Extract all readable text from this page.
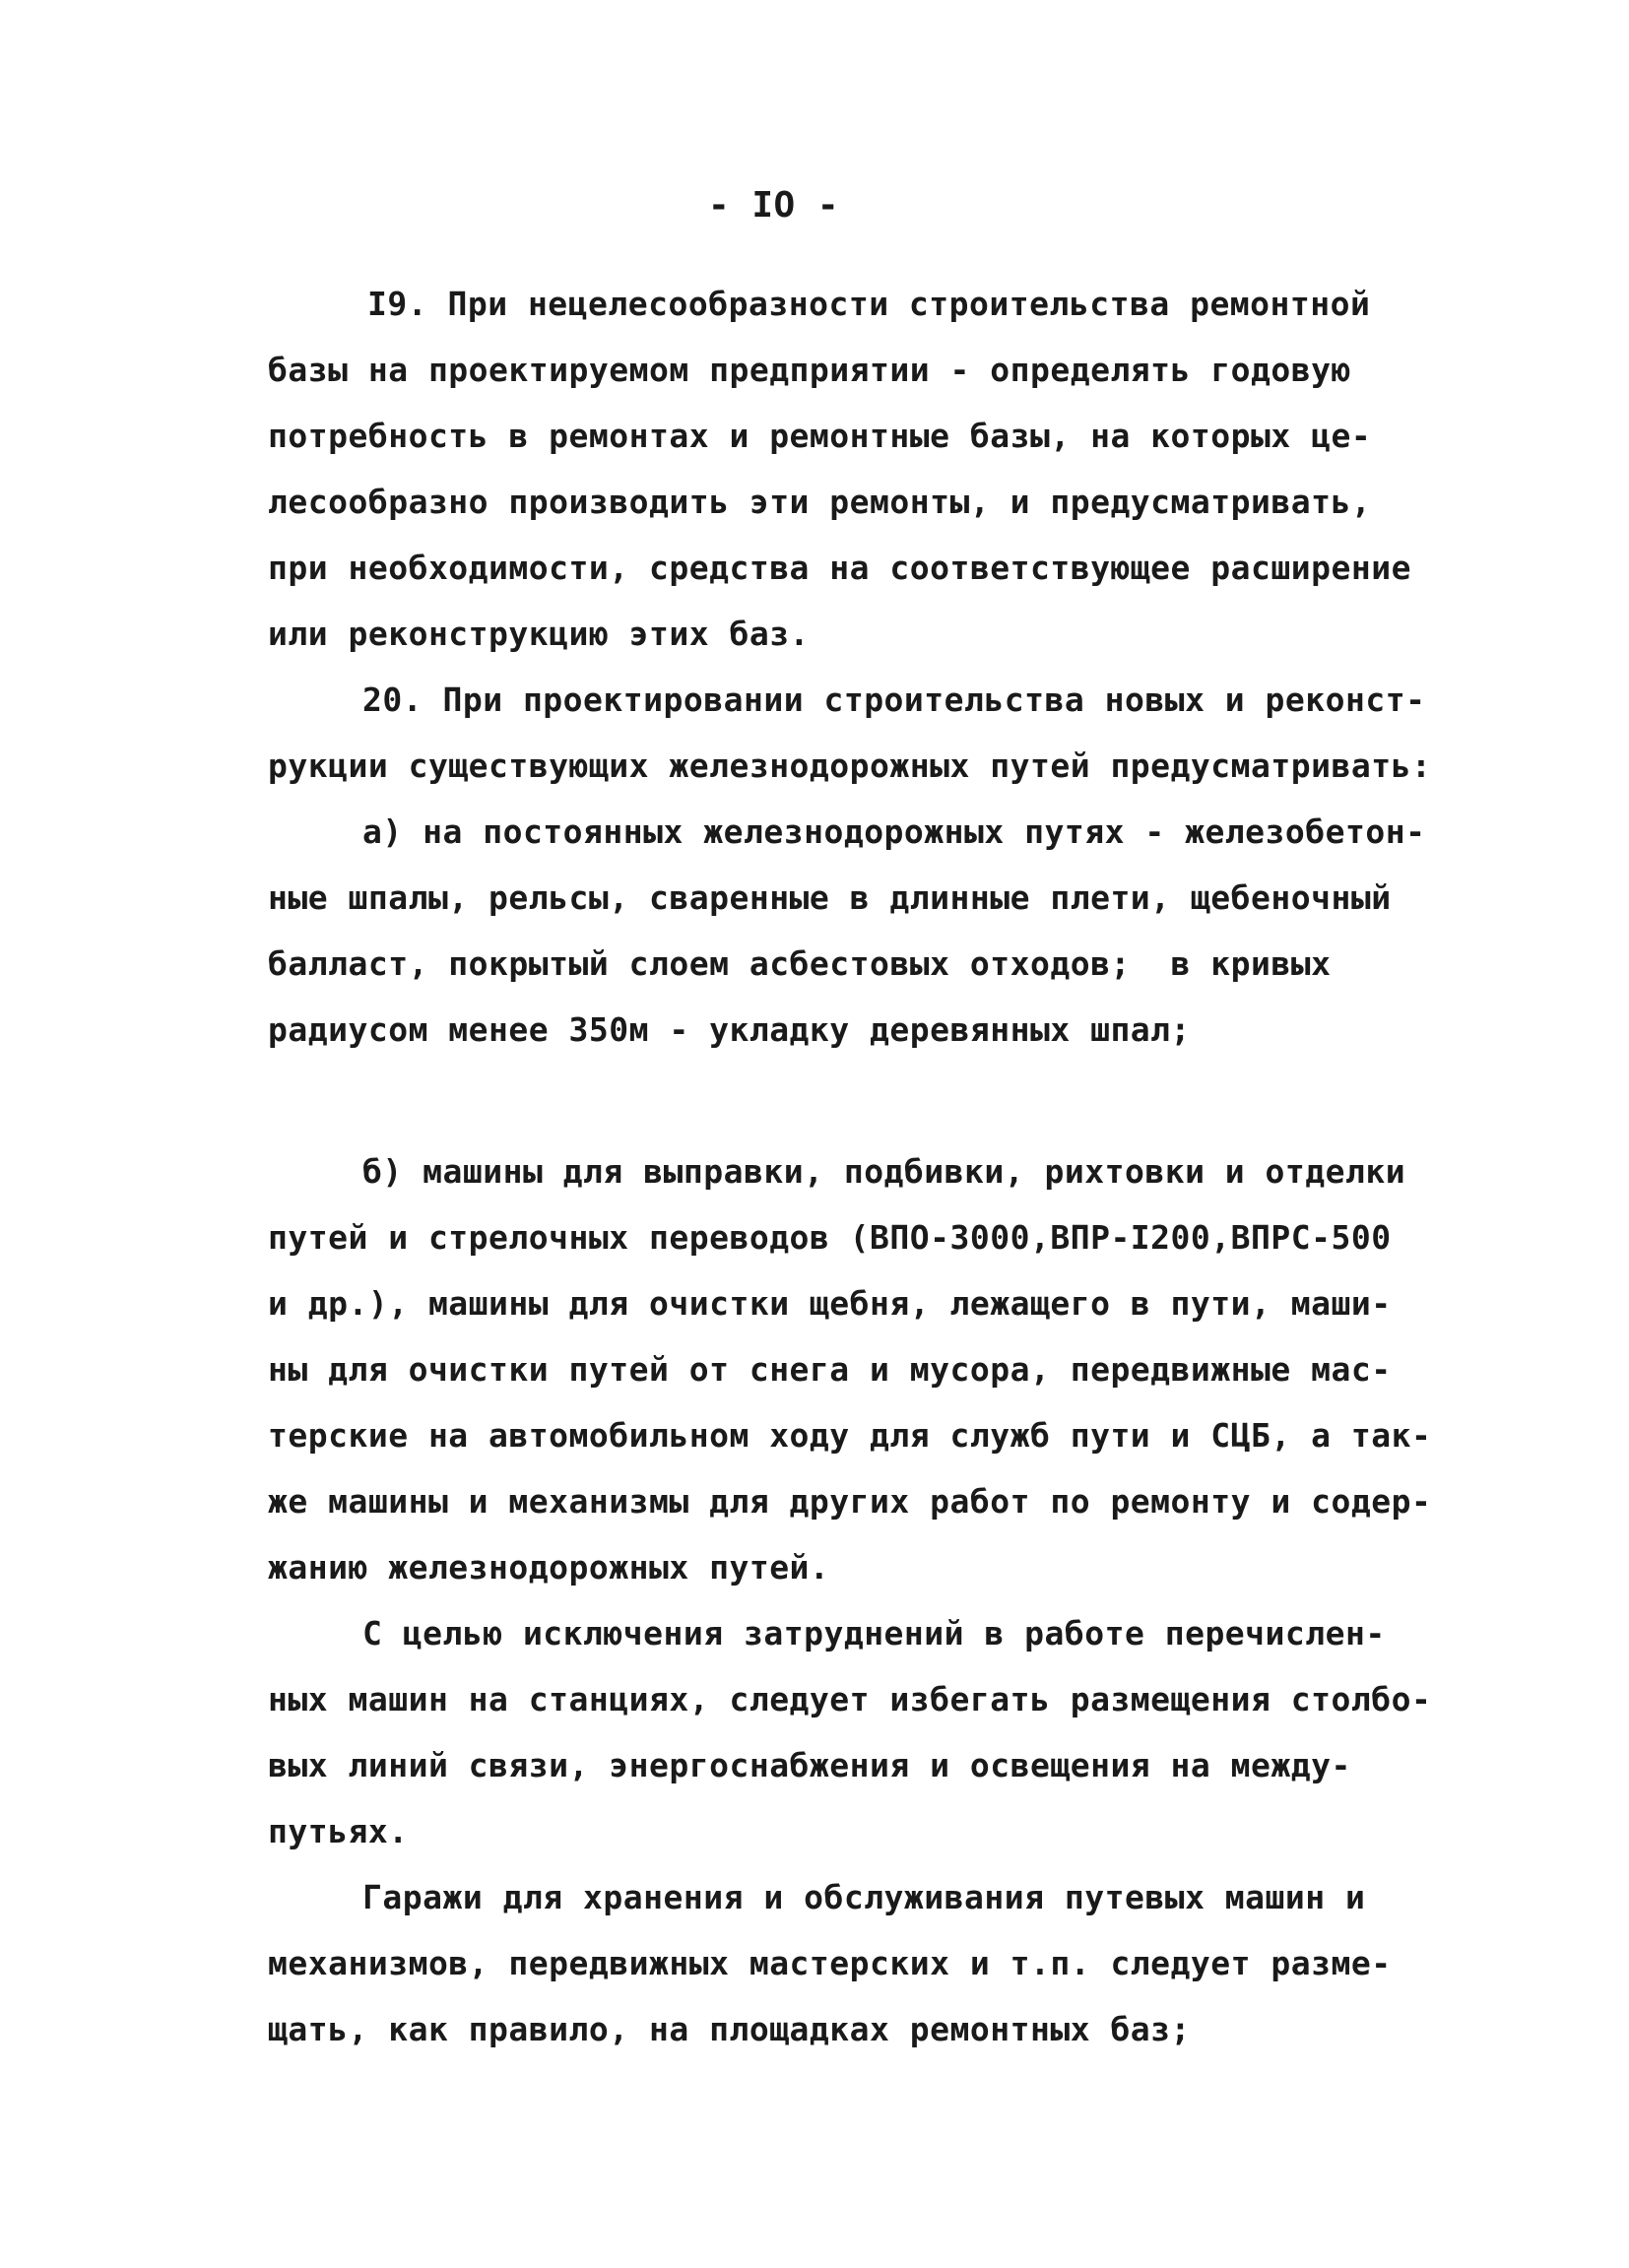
- IO -
I9. При нецелесообразности строительства ремонтной
базы на проектируемом предприятии - определять годовую
потребность в ремонтах и ремонтные базы, на которых це-
лесообразно производить эти ремонты, и предусматривать,
при необходимости, средства на соответствующее расширение
или реконструкцию этих баз.
20. При проектировании строительства новых и реконст-
рукции существующих железнодорожных путей предусматривать:
а) на постоянных железнодорожных путях - железобетон-
ные шпалы, рельсы, сваренные в длинные плети, щебеночный
балласт, покрытый слоем асбестовых отходов;  в кривых
радиусом менее 350м - укладку деревянных шпал;
б) машины для выправки, подбивки, рихтовки и отделки
путей и стрелочных переводов (ВПО-3000,ВПР-I200,ВПРС-500
и др.), машины для очистки щебня, лежащего в пути, маши-
ны для очистки путей от снега и мусора, передвижные мас-
терские на автомобильном ходу для служб пути и СЦБ, а так-
же машины и механизмы для других работ по ремонту и содер-
жанию железнодорожных путей.
С целью исключения затруднений в работе перечислен-
ных машин на станциях, следует избегать размещения столбо-
вых линий связи, энергоснабжения и освещения на между-
путьях.
Гаражи для хранения и обслуживания путевых машин и
механизмов, передвижных мастерских и т.п. следует разме-
щать, как правило, на площадках ремонтных баз;
